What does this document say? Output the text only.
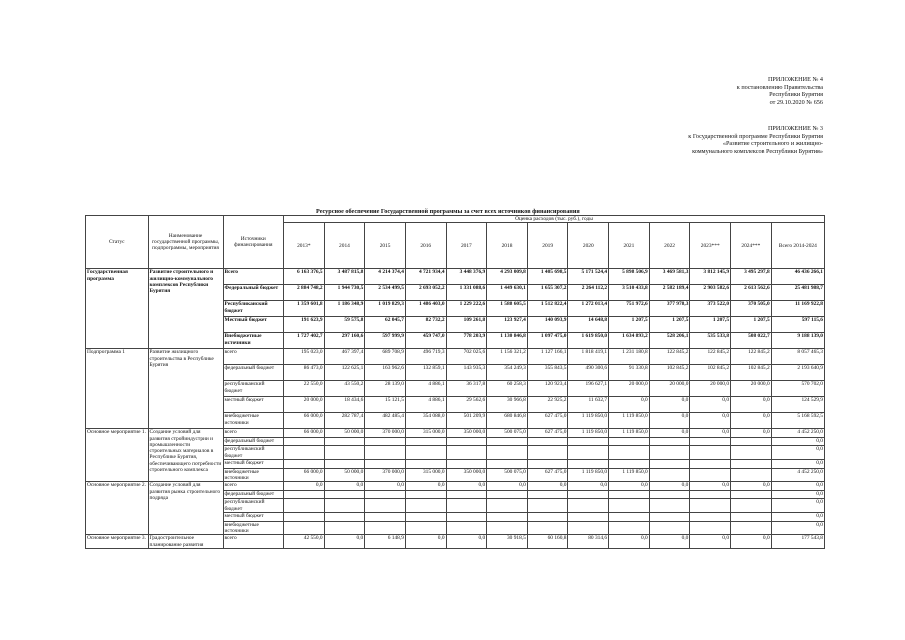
ПРИЛОЖЕНИЕ № 4
к постановлению Правительства
Республики Бурятия
от 29.10.2020 № 656
ПРИЛОЖЕНИЕ № 3
к Государственной программе Республики Бурятия
«Развитие строительного и жилищно-
коммунального комплексов Республики Бурятия»
Ресурсное обеспечение Государственной программы за счет всех источников финансирования
Статус	Наименование государственной программы, подпрограммы, мероприятия	Источники финансирования	Оценка расходов (тыс. руб.), годы												
			2013*	2014	2015	2016	2017	2018	2019	2020	2021	2022	2023***	2024***	Всего 2014-2024
Государственная программа	Развитие строительного и жилищно-коммунального комплексов Республики Бурятия	Всего	6 163 376,5	3 487 815,8	4 214 374,4	4 721 934,4	3 448 376,9	4 293 009,8	1 405 698,5	5 171 524,4	5 898 506,9	3 469 581,3	3 812 145,9	3 495 297,8	46 436 266,1
		Федеральный бюджет	2 884 748,2	1 944 730,5	2 534 499,5	2 693 052,2	1 331 088,6	1 449 630,1	1 655 307,2	2 264 112,2	3 510 433,8	2 582 189,4	2 903 582,6	2 613 562,6	25 481 988,7
		Республиканский бюджет	1 359 601,8	1 186 348,9	1 019 829,3	1 486 403,0	1 229 222,6	1 588 605,5	1 512 822,4	1 272 013,4	751 972,6	377 978,3	373 522,0	370 505,0	11 169 922,8
		Местный бюджет	191 623,9	59 575,8	62 045,7	82 732,2	109 261,8	123 927,4	140 093,9	14 648,8	1 207,5	1 207,5	1 207,5	1 207,5	597 115,6
		Внебюджетные источники	1 727 402,7	297 160,6	597 999,9	459 747,0	778 203,9	1 130 846,8	1 097 475,0	1 619 850,0	1 634 893,2	528 206,1	535 533,8	508 022,7	9 188 139,0
Подпрограмма 1	Развитие жилищного строительства в Республике Бурятия	всего	195 023,0	467 397,4	689 708,9	496 719,3	702 025,6	1 156 321,2	1 127 166,1	1 818 419,1	1 231 180,8	122 845,2	122 845,2	122 845,2	8 057 465,3
		федеральный бюджет	86 473,0	122 625,1	163 962,6	132 859,1	143 935,3	354 249,3	355 843,5	490 300,6	91 330,8	102 845,2	102 845,2	102 845,2	2 193 640,9
		республиканский бюджет	22 550,0	43 550,2	28 139,0	4 886,1	36 317,8	60 258,3	120 923,4	196 627,1	20 000,0	20 000,0	20 000,0	20 000,0	570 702,0
		местный бюджет	20 000,0	18 434,6	15 121,5	4 886,1	29 562,6	30 966,8	22 925,2	11 632,7	0,0	0,0	0,0	0,0	124 529,9
		внебюджетные источники	66 000,0	282 787,4	482 485,4	354 088,0	501 209,9	680 846,8	627 475,0	1 119 850,0	1 119 850,0	0,0	0,0	0,0	5 168 592,5
Основное мероприятие 1.	Создание условий для развития стройиндустрии и промышленности строительных материалов в Республике Бурятия, обеспечивающего потребности строительного комплекса	всего	66 000,0	50 000,0	370 000,0	315 000,0	350 000,0	500 075,0	627 475,0	1 119 850,0	1 119 850,0	0,0	0,0	0,0	4 452 250,0
		федеральный бюджет													0,0
		республиканский бюджет													0,0
		местный бюджет													0,0
		внебюджетные источники	66 000,0	50 000,0	370 000,0	315 000,0	350 000,0	500 075,0	627 475,0	1 119 850,0	1 119 850,0				4 452 250,0
Основное мероприятие 2.	Создание условий для развития рынка строительного подряда	всего	0,0	0,0	0,0	0,0	0,0	0,0	0,0	0,0	0,0	0,0	0,0	0,0	0,0
		федеральный бюджет													0,0
		республиканский бюджет													0,0
		местный бюджет													0,0
		внебюджетные источники													0,0
Основное мероприятие 3.	Градостроительное планирование развития	всего	42 550,0	0,0	6 148,9	0,0	0,0	30 918,5	60 160,8	80 314,6	0,0	0,0	0,0	0,0	177 543,8
